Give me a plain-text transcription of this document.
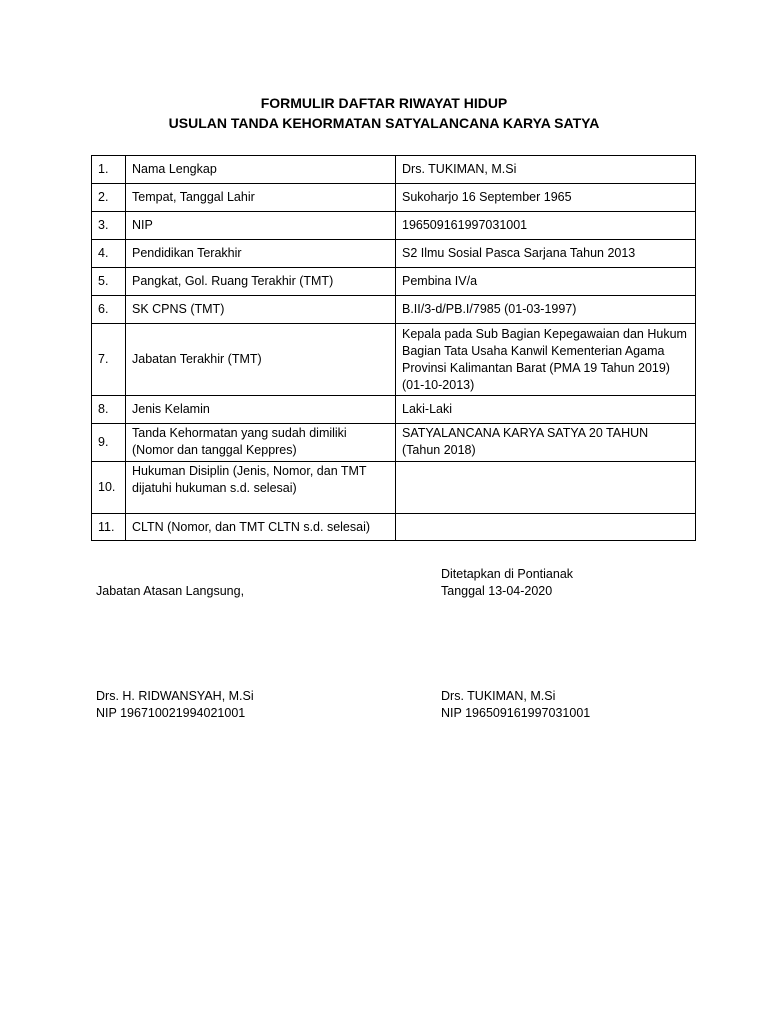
FORMULIR DAFTAR RIWAYAT HIDUP
USULAN TANDA KEHORMATAN SATYALANCANA KARYA SATYA
1.	Nama Lengkap	Drs. TUKIMAN, M.Si
2.	Tempat, Tanggal Lahir	Sukoharjo 16 September 1965
3.	NIP	196509161997031001
4.	Pendidikan Terakhir	S2 Ilmu Sosial Pasca Sarjana Tahun 2013
5.	Pangkat, Gol. Ruang Terakhir (TMT)	Pembina IV/a
6.	SK CPNS (TMT)	B.II/3-d/PB.I/7985 (01-03-1997)
7.	Jabatan Terakhir (TMT)	Kepala pada Sub Bagian Kepegawaian dan Hukum Bagian Tata Usaha Kanwil Kementerian Agama Provinsi Kalimantan Barat (PMA 19 Tahun 2019) (01-10-2013)
8.	Jenis Kelamin	Laki-Laki
9.	Tanda Kehormatan yang sudah dimiliki (Nomor dan tanggal Keppres)	SATYALANCANA KARYA SATYA 20 TAHUN (Tahun 2018)
10.	Hukuman Disiplin (Jenis, Nomor, dan TMT dijatuhi hukuman s.d. selesai)	
11.	CLTN (Nomor, dan TMT CLTN s.d. selesai)	
Jabatan Atasan Langsung,
Drs. H. RIDWANSYAH, M.Si
NIP 196710021994021001
Ditetapkan di Pontianak
Tanggal 13-04-2020
Drs. TUKIMAN, M.Si
NIP 196509161997031001
